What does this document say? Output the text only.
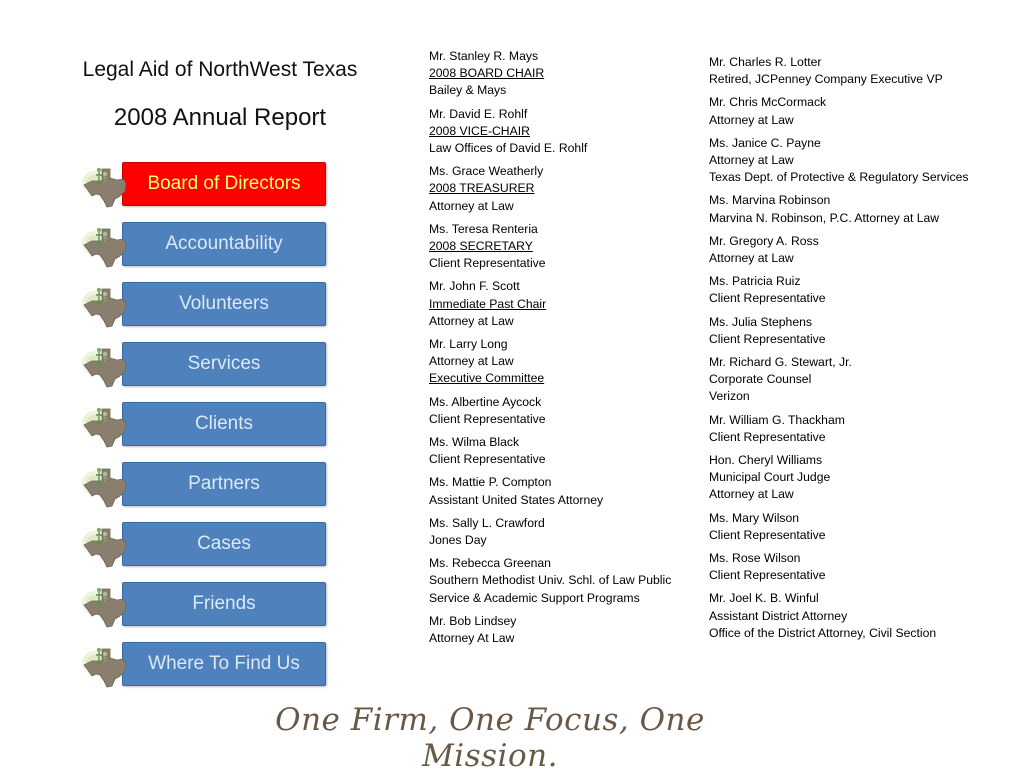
Legal Aid of NorthWest Texas
2008 Annual Report
Board of Directors
Accountability
Volunteers
Services
Clients
Partners
Cases
Friends
Where To Find Us
Mr. Stanley R. Mays
2008 BOARD CHAIR
Bailey & Mays
Mr. David E. Rohlf
2008 VICE-CHAIR
Law Offices of David E. Rohlf
Ms. Grace Weatherly
2008 TREASURER
Attorney at Law
Ms. Teresa Renteria
2008 SECRETARY
Client Representative
Mr. John F. Scott
Immediate Past Chair
Attorney at Law
Mr. Larry Long
Attorney at Law
Executive Committee
Ms. Albertine Aycock
Client Representative
Ms. Wilma Black
Client Representative
Ms. Mattie P. Compton
Assistant United States Attorney
Ms. Sally L. Crawford
Jones Day
Ms. Rebecca Greenan
Southern Methodist Univ. Schl. of Law Public
Service & Academic Support Programs
Mr. Bob Lindsey
Attorney At Law
Mr. Charles R. Lotter
Retired, JCPenney Company Executive VP
Mr. Chris McCormack
Attorney at Law
Ms. Janice C. Payne
Attorney at Law
Texas Dept. of Protective & Regulatory Services
Ms. Marvina Robinson
Marvina N. Robinson, P.C. Attorney at Law
Mr. Gregory A. Ross
Attorney at Law
Ms. Patricia Ruiz
Client Representative
Ms. Julia Stephens
Client Representative
Mr. Richard G. Stewart, Jr.
Corporate Counsel
Verizon
Mr. William G. Thackham
Client Representative
Hon. Cheryl Williams
Municipal Court Judge
Attorney at Law
Ms. Mary Wilson
Client Representative
Ms. Rose Wilson
Client Representative
Mr. Joel K. B. Winful
Assistant District Attorney
Office of the District Attorney, Civil Section
One Firm, One Focus, One Mission.
